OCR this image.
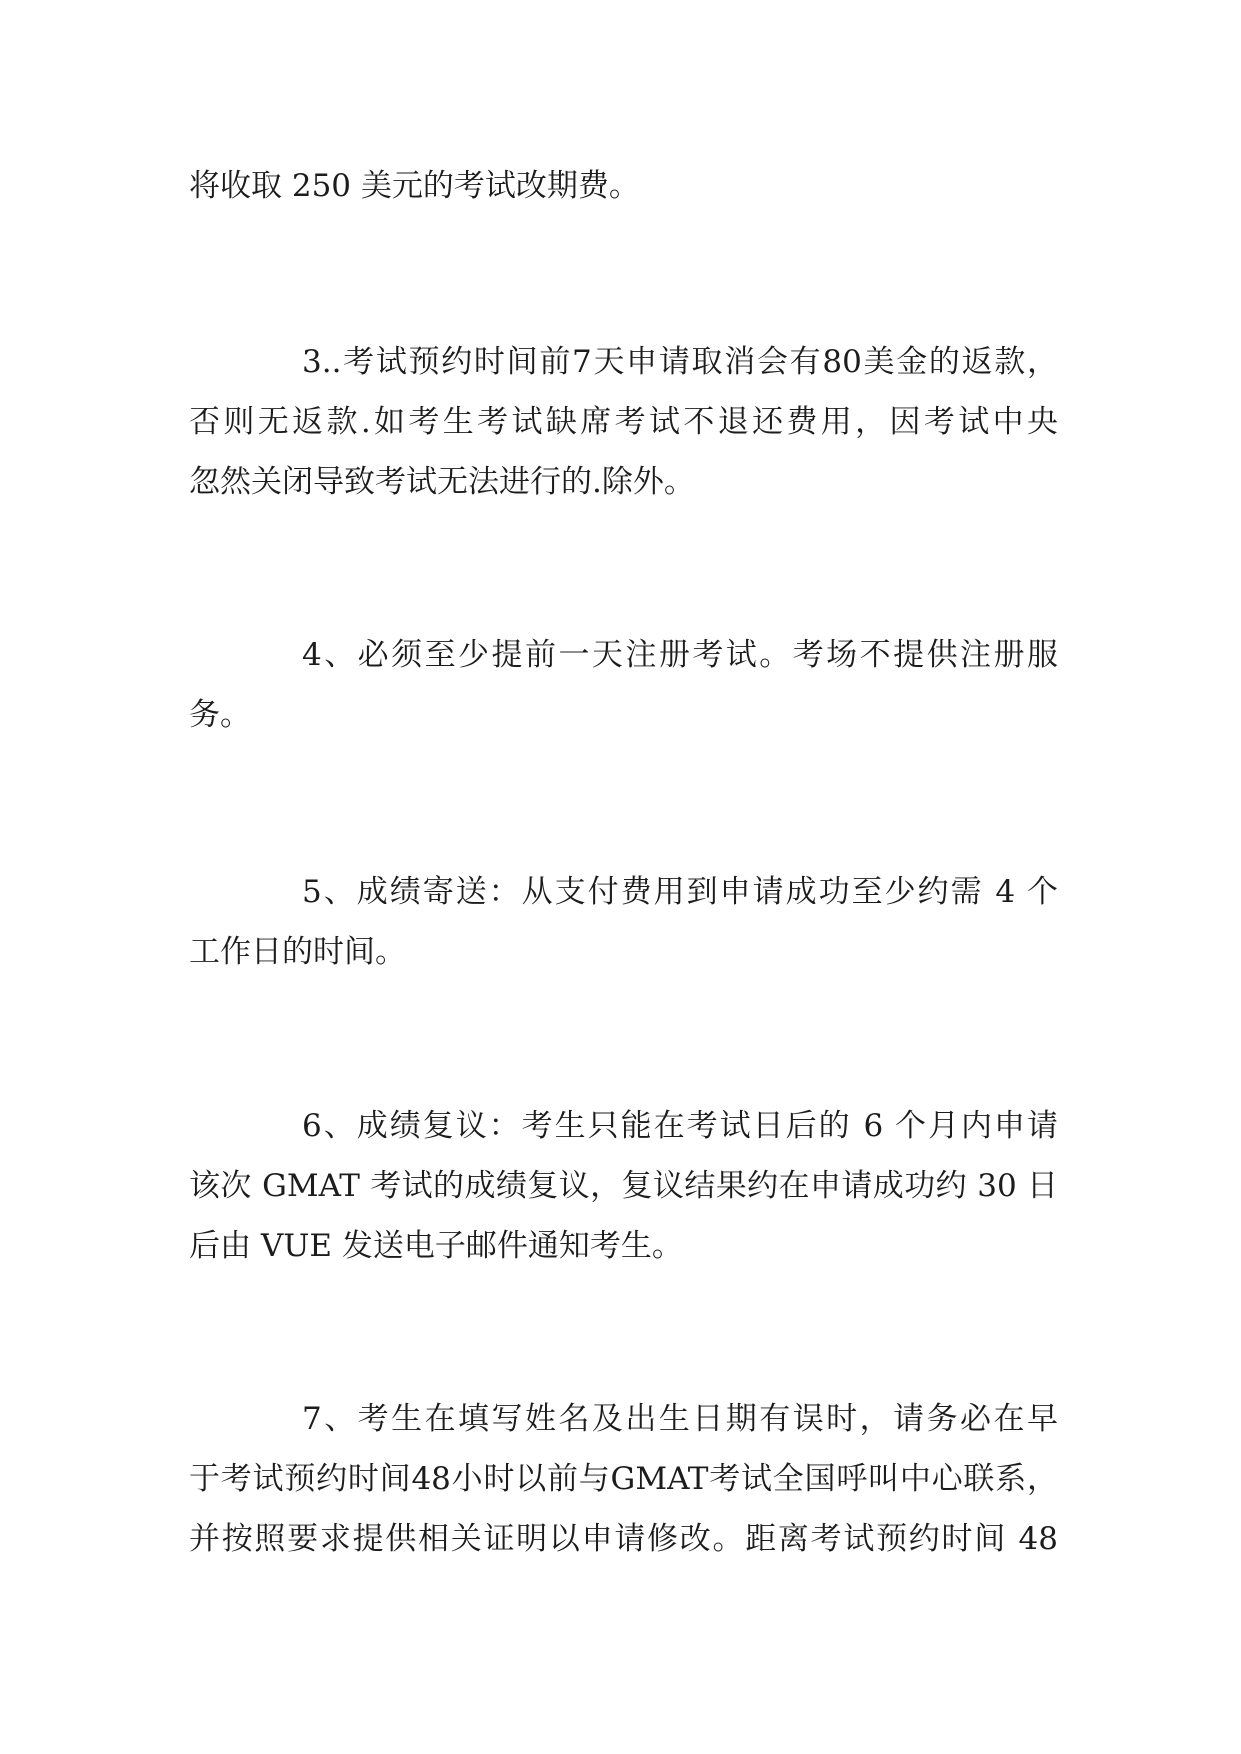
将收取 250 美元的考试改期费。
3..考试预约时间前7天申请取消会有80美金的返款，
否则无返款.如考生考试缺席考试不退还费用，因考试中央
忽然关闭导致考试无法进行的.除外。
4、必须至少提前一天注册考试。考场不提供注册服
务。
5、成绩寄送：从支付费用到申请成功至少约需 4 个
工作日的时间。
6、成绩复议：考生只能在考试日后的 6 个月内申请
该次 GMAT 考试的成绩复议，复议结果约在申请成功约 30 日
后由 VUE 发送电子邮件通知考生。
7、考生在填写姓名及出生日期有误时，请务必在早
于考试预约时间48小时以前与GMAT考试全国呼叫中心联系，
并按照要求提供相关证明以申请修改。距离考试预约时间 48
